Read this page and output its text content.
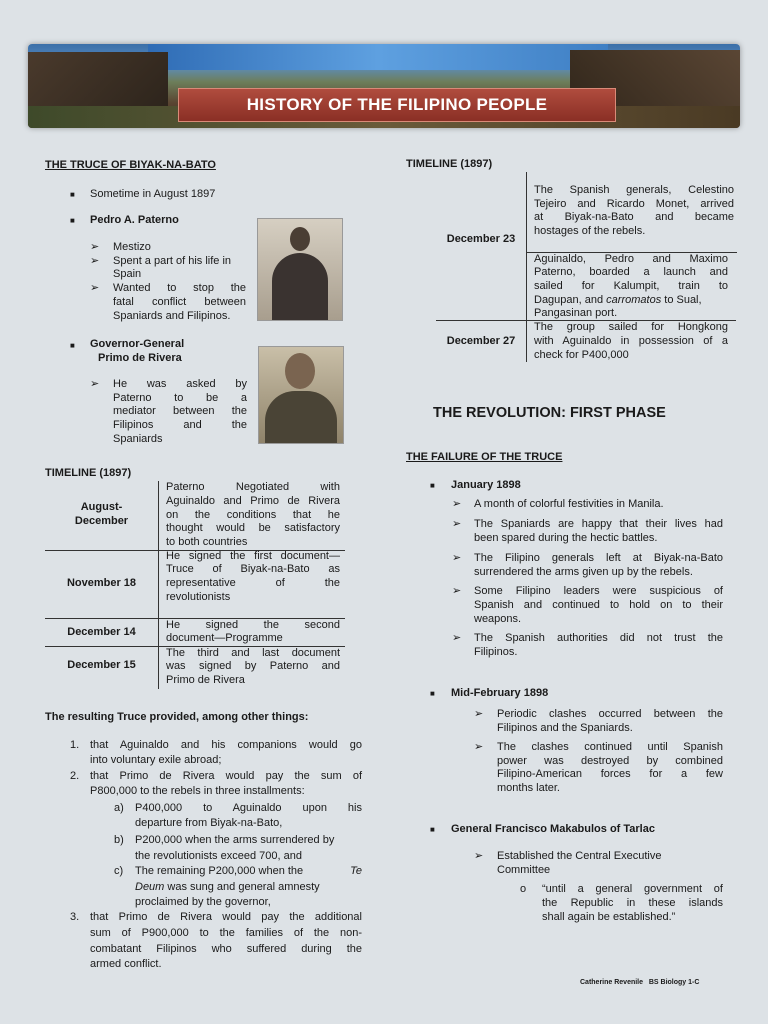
HISTORY OF THE FILIPINO PEOPLE
THE TRUCE OF BIYAK-NA-BATO
■ Sometime in August 1897
■ Pedro A. Paterno
➢ Mestizo
➢ Spent a part of his life in
Spain
➢ Wanted to stop the
fatal conflict between
Spaniards and Filipinos.
■ Governor-General
Primo de Rivera
➢ He was asked by
Paterno to be a
mediator between the
Filipinos and the
Spaniards
TIMELINE (1897)
August-
December
Paterno Negotiated with
Aguinaldo and Primo de Rivera
on the conditions that he
thought would be satisfactory
to both countries
November 18
He signed the first document—
Truce of Biyak-na-Bato as
representative of the
revolutionists
December 14
He signed the second
document—Programme
December 15
The third and last document
was signed by Paterno and
Primo de Rivera
The resulting Truce provided, among other things:
1. that Aguinaldo and his companions would go
into voluntary exile abroad;
2. that Primo de Rivera would pay the sum of
P800,000 to the rebels in three installments:
a) P400,000 to Aguinaldo upon his
departure from Biyak-na-Bato,
b) P200,000 when the arms surrendered by
the revolutionists exceed 700, and
c) The remaining P200,000 when the	Te
Deum was sung and general amnesty
proclaimed by the governor,
3. that Primo de Rivera would pay the additional
sum of P900,000 to the families of the non-
combatant Filipinos who suffered during the
armed conflict.
TIMELINE (1897)
December 23
The Spanish generals, Celestino
Tejeiro and Ricardo Monet, arrived
at Biyak-na-Bato and became
hostages of the rebels.
Aguinaldo, Pedro and Maximo
Paterno, boarded a launch and
sailed for Kalumpit, train to
Dagupan, and carromatos to Sual,
Pangasinan port.
December 27
The group sailed for Hongkong
with Aguinaldo in possession of a
check for P400,000
THE REVOLUTION: FIRST PHASE
THE FAILURE OF THE TRUCE
■ January 1898
➢ A month of colorful festivities in Manila.
➢ The Spaniards are happy that their lives had
been spared during the hectic battles.
➢ The Filipino generals left at Biyak-na-Bato
surrendered the arms given up by the rebels.
➢ Some Filipino leaders were suspicious of
Spanish and continued to hold on to their
weapons.
➢ The Spanish authorities did not trust the
Filipinos.
■ Mid-February 1898
➢ Periodic clashes occurred between the
Filipinos and the Spaniards.
➢ The clashes continued until Spanish
power was destroyed by combined
Filipino-American forces for a few
months later.
■ General Francisco Makabulos of Tarlac
➢ Established the Central Executive
Committee
o “until a general government of
the Republic in these islands
shall again be established.”
Catherine Revenile   BS Biology 1-C
